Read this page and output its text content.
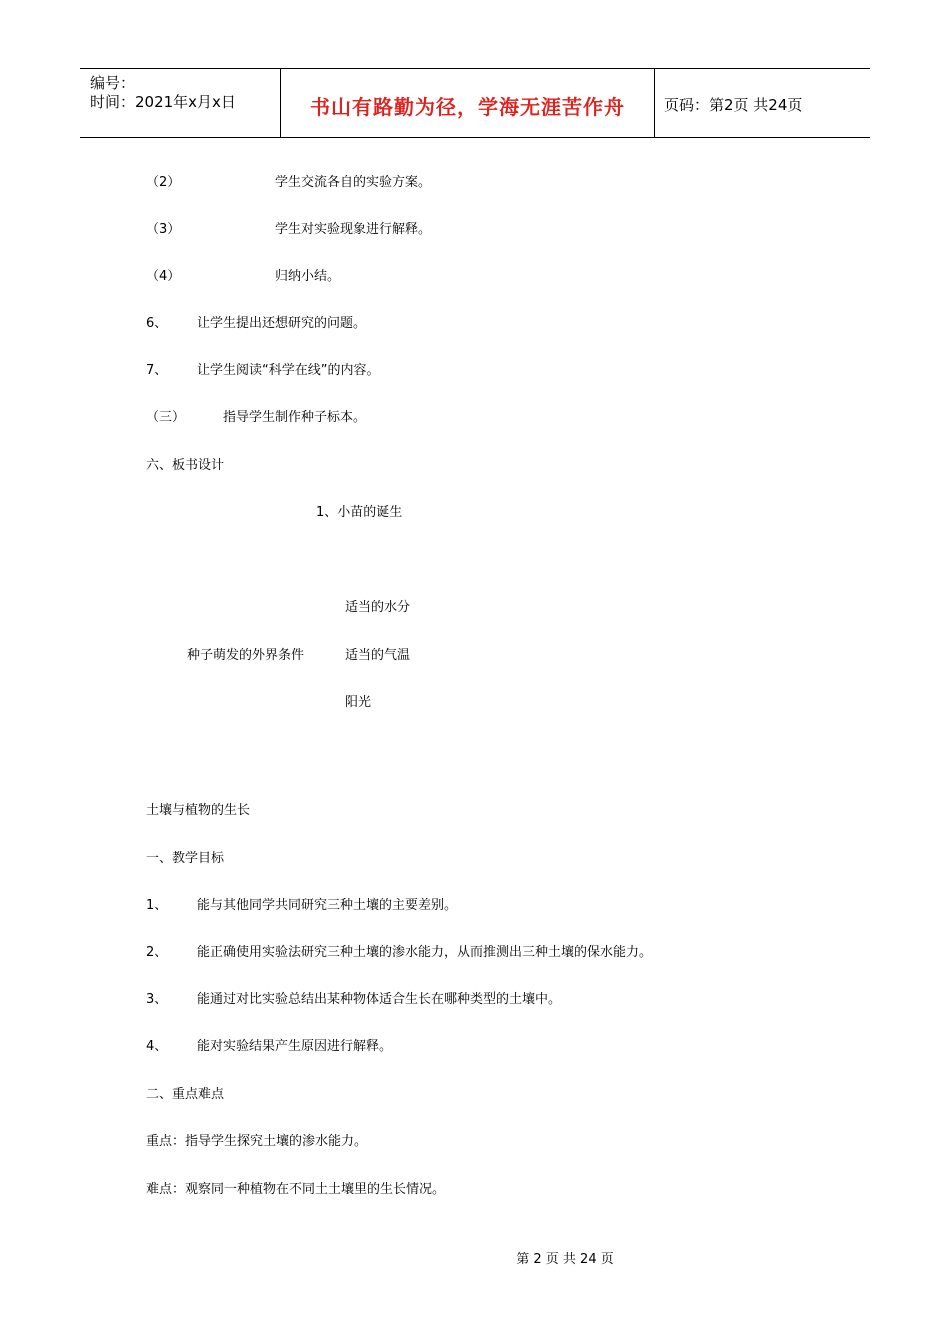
编号：
时间：2021年x月x日	书山有路勤为径，学海无涯苦作舟	页码：第2页 共24页
（2）	学生交流各自的实验方案。
（3）	学生对实验现象进行解释。
（4）	归纳小结。
6、 让学生提出还想研究的问题。
7、 让学生阅读“科学在线”的内容。
（三）	指导学生制作种子标本。
六、板书设计
1、小苗的诞生
适当的水分
种子萌发的外界条件	适当的气温
阳光
土壤与植物的生长
一、教学目标
1、 能与其他同学共同研究三种土壤的主要差别。
2、 能正确使用实验法研究三种土壤的渗水能力，从而推测出三种土壤的保水能力。
3、 能通过对比实验总结出某种物体适合生长在哪种类型的土壤中。
4、 能对实验结果产生原因进行解释。
二、重点难点
重点：指导学生探究土壤的渗水能力。
难点：观察同一种植物在不同土土壤里的生长情况。
第 2 页 共 24 页
